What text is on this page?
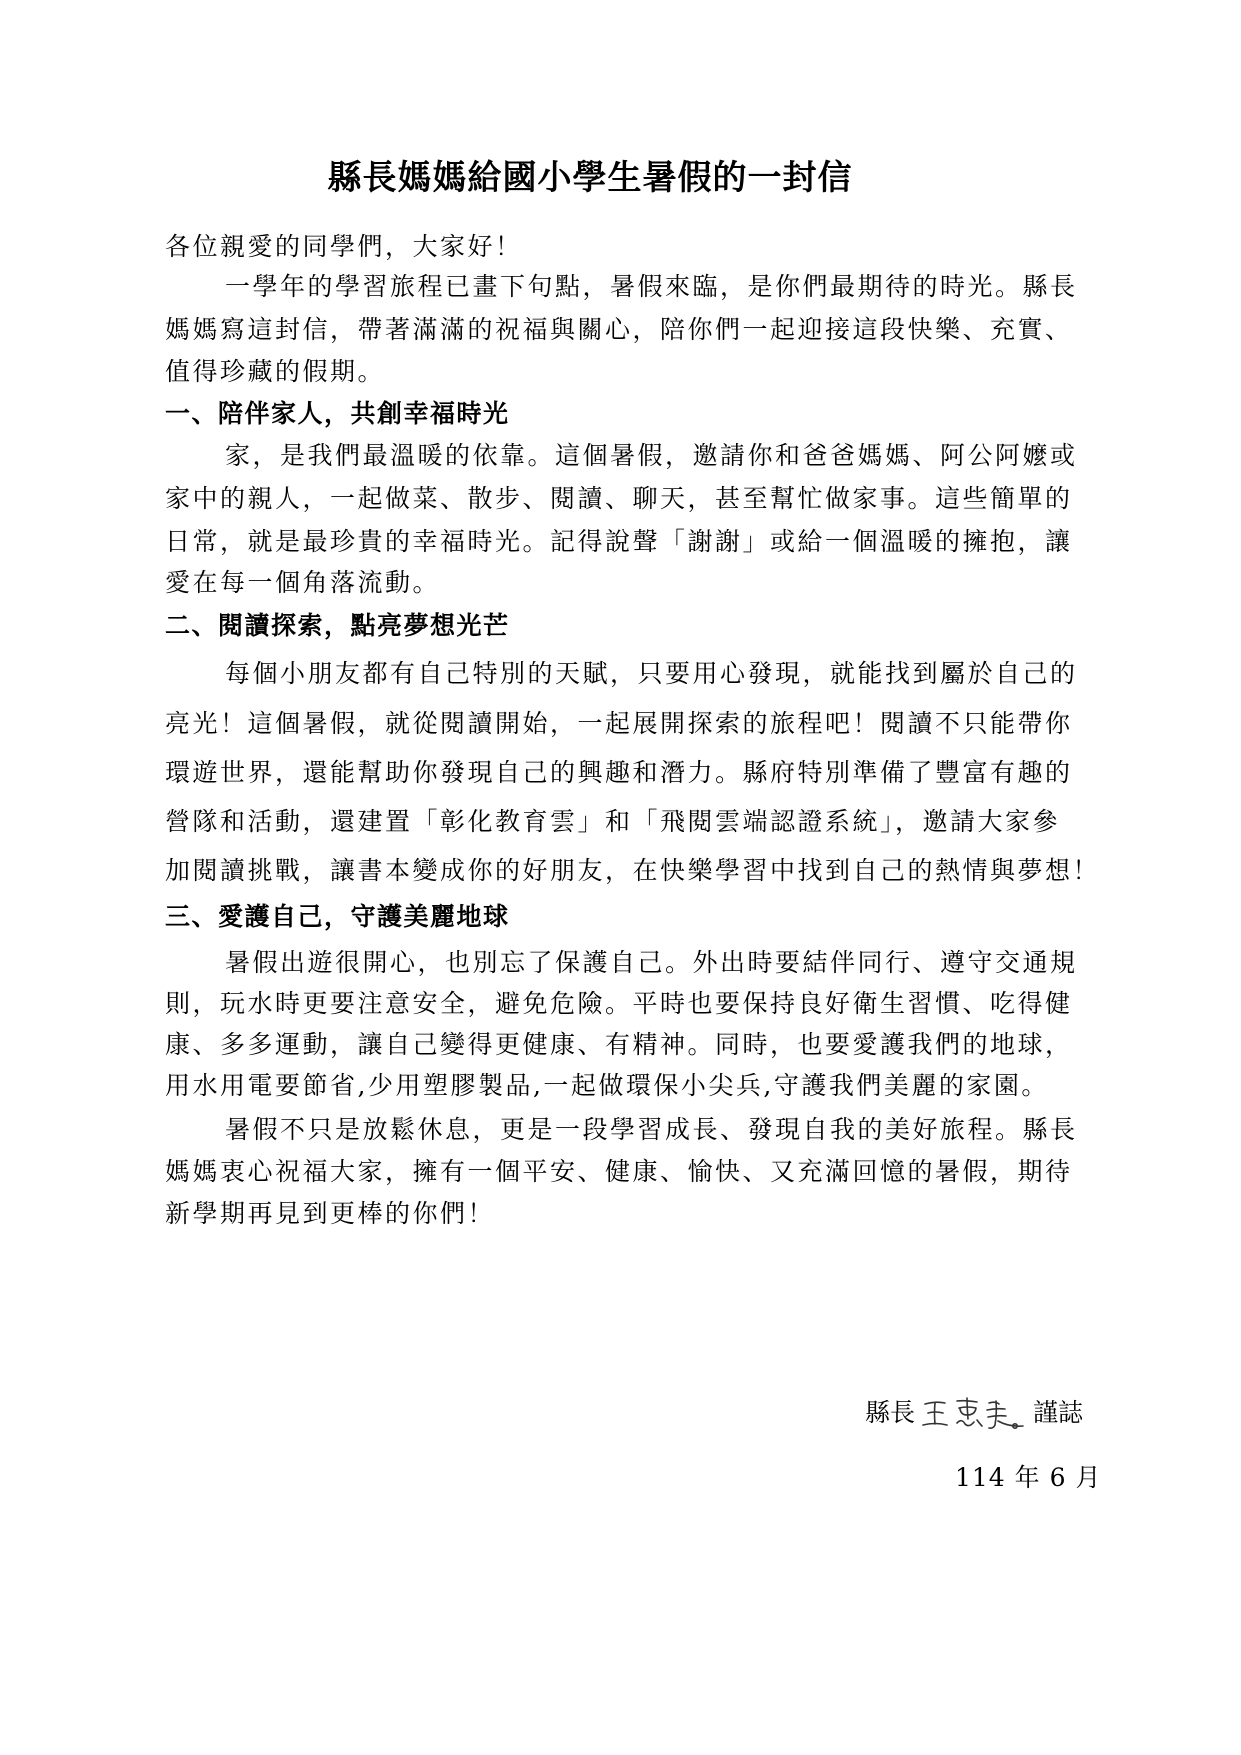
縣長媽媽給國小學生暑假的一封信
各位親愛的同學們，大家好！
一學年的學習旅程已畫下句點，暑假來臨，是你們最期待的時光。縣長
媽媽寫這封信，帶著滿滿的祝福與關心，陪你們一起迎接這段快樂、充實、
值得珍藏的假期。
一、陪伴家人，共創幸福時光
家，是我們最溫暖的依靠。這個暑假，邀請你和爸爸媽媽、阿公阿嬤或
家中的親人，一起做菜、散步、閱讀、聊天，甚至幫忙做家事。這些簡單的
日常，就是最珍貴的幸福時光。記得說聲「謝謝」或給一個溫暖的擁抱，讓
愛在每一個角落流動。
二、閱讀探索，點亮夢想光芒
每個小朋友都有自己特別的天賦，只要用心發現，就能找到屬於自己的
亮光！這個暑假，就從閱讀開始，一起展開探索的旅程吧！閱讀不只能帶你
環遊世界，還能幫助你發現自己的興趣和潛力。縣府特別準備了豐富有趣的
營隊和活動，還建置「彰化教育雲」和「飛閱雲端認證系統」，邀請大家參
加閱讀挑戰，讓書本變成你的好朋友，在快樂學習中找到自己的熱情與夢想！
三、愛護自己，守護美麗地球
暑假出遊很開心，也別忘了保護自己。外出時要結伴同行、遵守交通規
則，玩水時更要注意安全，避免危險。平時也要保持良好衛生習慣、吃得健
康、多多運動，讓自己變得更健康、有精神。同時，也要愛護我們的地球，
用水用電要節省,少用塑膠製品,一起做環保小尖兵,守護我們美麗的家園。
暑假不只是放鬆休息，更是一段學習成長、發現自我的美好旅程。縣長
媽媽衷心祝福大家，擁有一個平安、健康、愉快、又充滿回憶的暑假，期待
新學期再見到更棒的你們！
縣長	謹誌
114 年 6 月
